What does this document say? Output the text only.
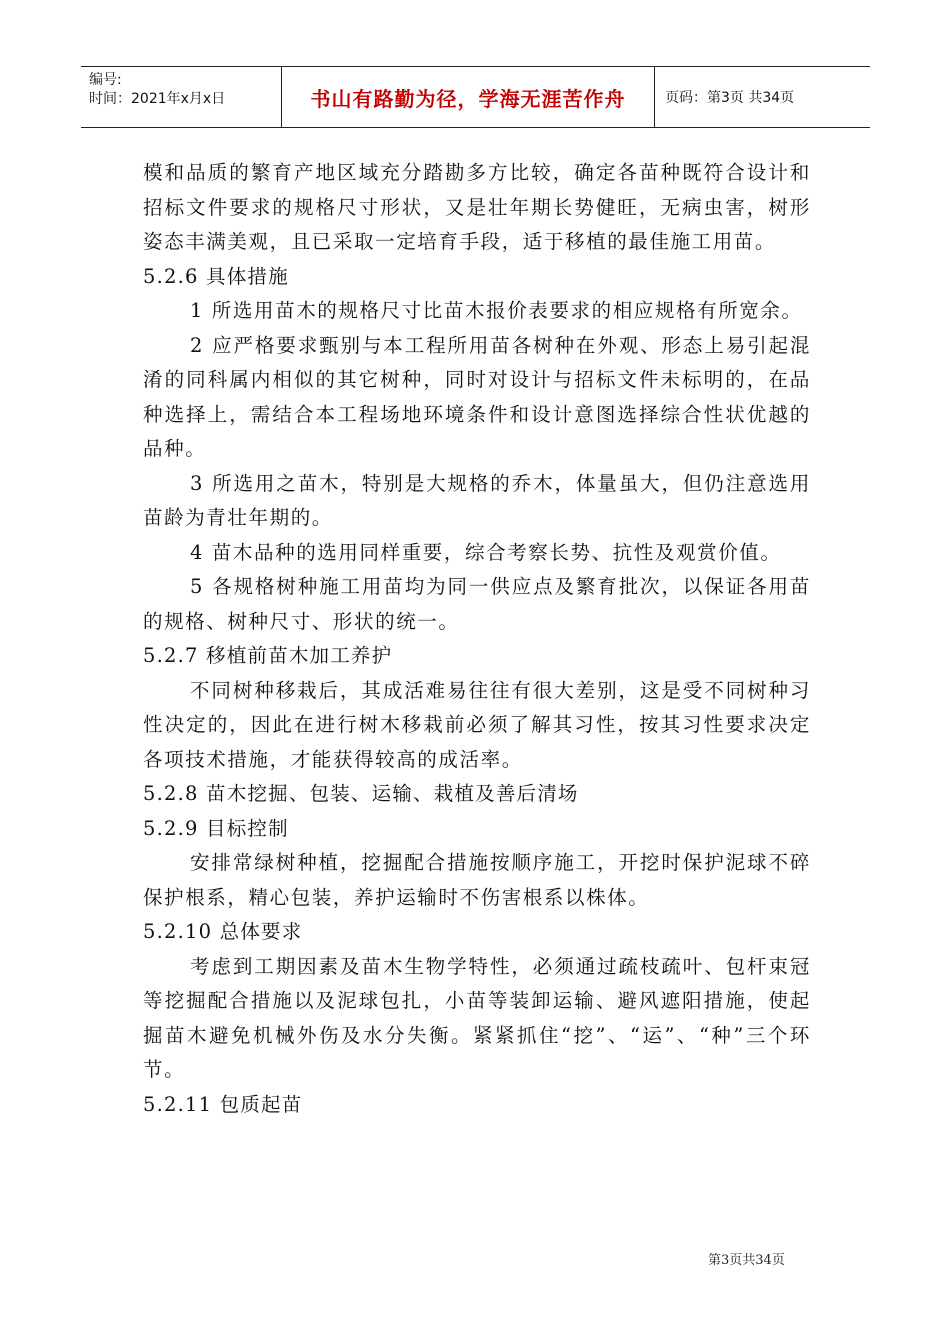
编号:
时间：2021年x月x日	书山有路勤为径，学海无涯苦作舟	页码：第3页 共34页

模和品质的繁育产地区域充分踏勘多方比较，确定各苗种既符合设计和招标文件要求的规格尺寸形状，又是壮年期长势健旺，无病虫害，树形姿态丰满美观，且已采取一定培育手段，适于移植的最佳施工用苗。

5.2.6 具体措施

1 所选用苗木的规格尺寸比苗木报价表要求的相应规格有所宽余。

2 应严格要求甄别与本工程所用苗各树种在外观、形态上易引起混淆的同科属内相似的其它树种，同时对设计与招标文件未标明的，在品种选择上，需结合本工程场地环境条件和设计意图选择综合性状优越的品种。

3 所选用之苗木，特别是大规格的乔木，体量虽大，但仍注意选用苗龄为青壮年期的。

4 苗木品种的选用同样重要，综合考察长势、抗性及观赏价值。

5 各规格树种施工用苗均为同一供应点及繁育批次，以保证各用苗的规格、树种尺寸、形状的统一。

5.2.7 移植前苗木加工养护

不同树种移栽后，其成活难易往往有很大差别，这是受不同树种习性决定的，因此在进行树木移栽前必须了解其习性，按其习性要求决定各项技术措施，才能获得较高的成活率。

5.2.8 苗木挖掘、包装、运输、栽植及善后清场

5.2.9 目标控制

安排常绿树种植，挖掘配合措施按顺序施工，开挖时保护泥球不碎保护根系，精心包装，养护运输时不伤害根系以株体。

5.2.10 总体要求

考虑到工期因素及苗木生物学特性，必须通过疏枝疏叶、包杆束冠等挖掘配合措施以及泥球包扎，小苗等装卸运输、避风遮阳措施，使起掘苗木避免机械外伤及水分失衡。紧紧抓住“挖”、“运”、“种”三个环节。

5.2.11 包质起苗

第3页共34页
